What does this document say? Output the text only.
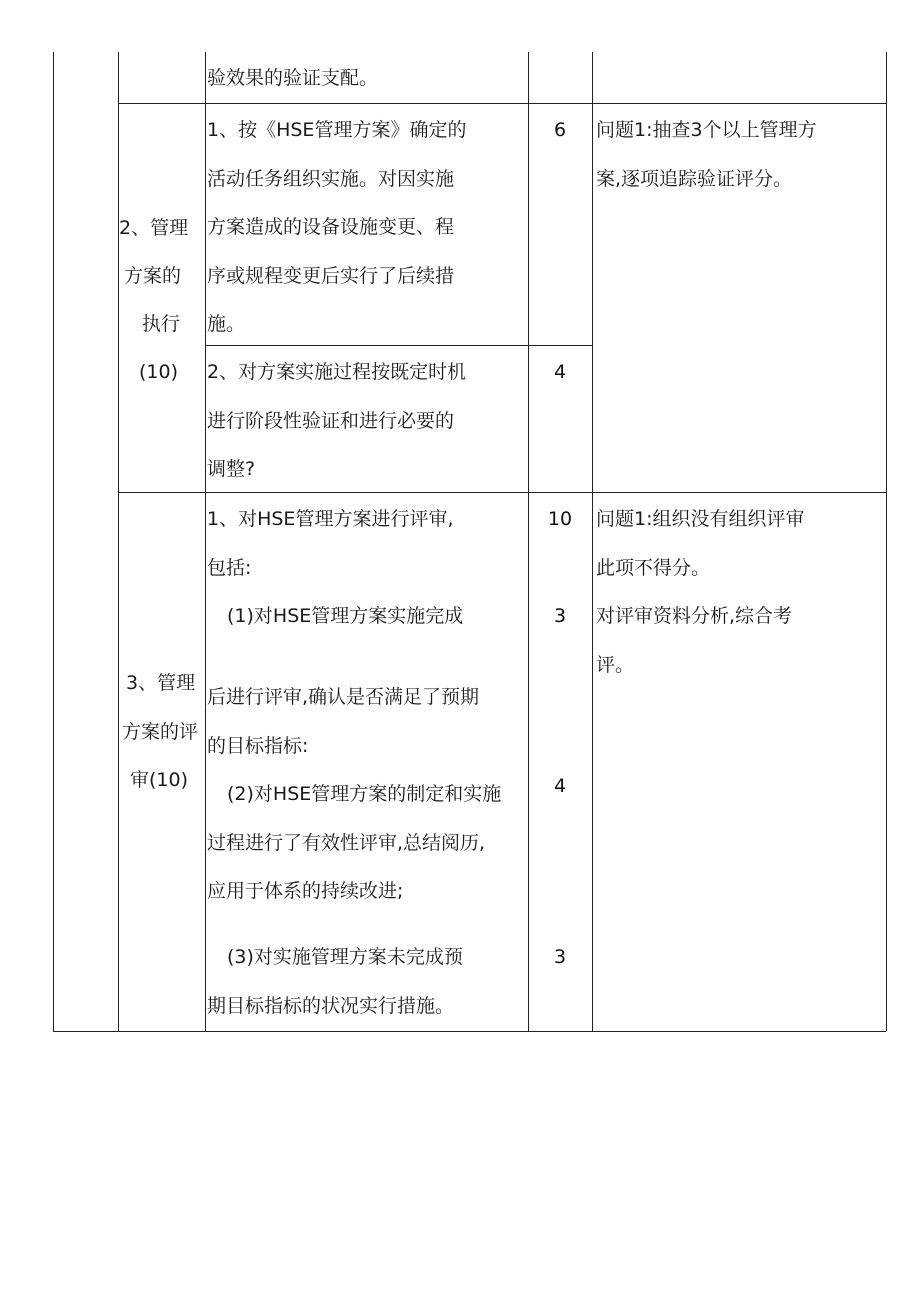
验效果的验证支配。
2、管理
方案的
执行
(10)
1、按《HSE管理方案》确定的
活动任务组织实施。对因实施
方案造成的设备设施变更、程
序或规程变更后实行了后续措
施。
6
2、对方案实施过程按既定时机
进行阶段性验证和进行必要的
调整?
4
问题1:抽查3个以上管理方
案,逐项追踪验证评分。
3、管理
方案的评
审(10)
1、对HSE管理方案进行评审,
包括:
(1)对HSE管理方案实施完成
后进行评审,确认是否满足了预期
的目标指标:
(2)对HSE管理方案的制定和实施
过程进行了有效性评审,总结阅历,
应用于体系的持续改进;
(3)对实施管理方案未完成预
期目标指标的状况实行措施。
10
3
4
3
问题1:组织没有组织评审
此项不得分。
对评审资料分析,综合考
评。
